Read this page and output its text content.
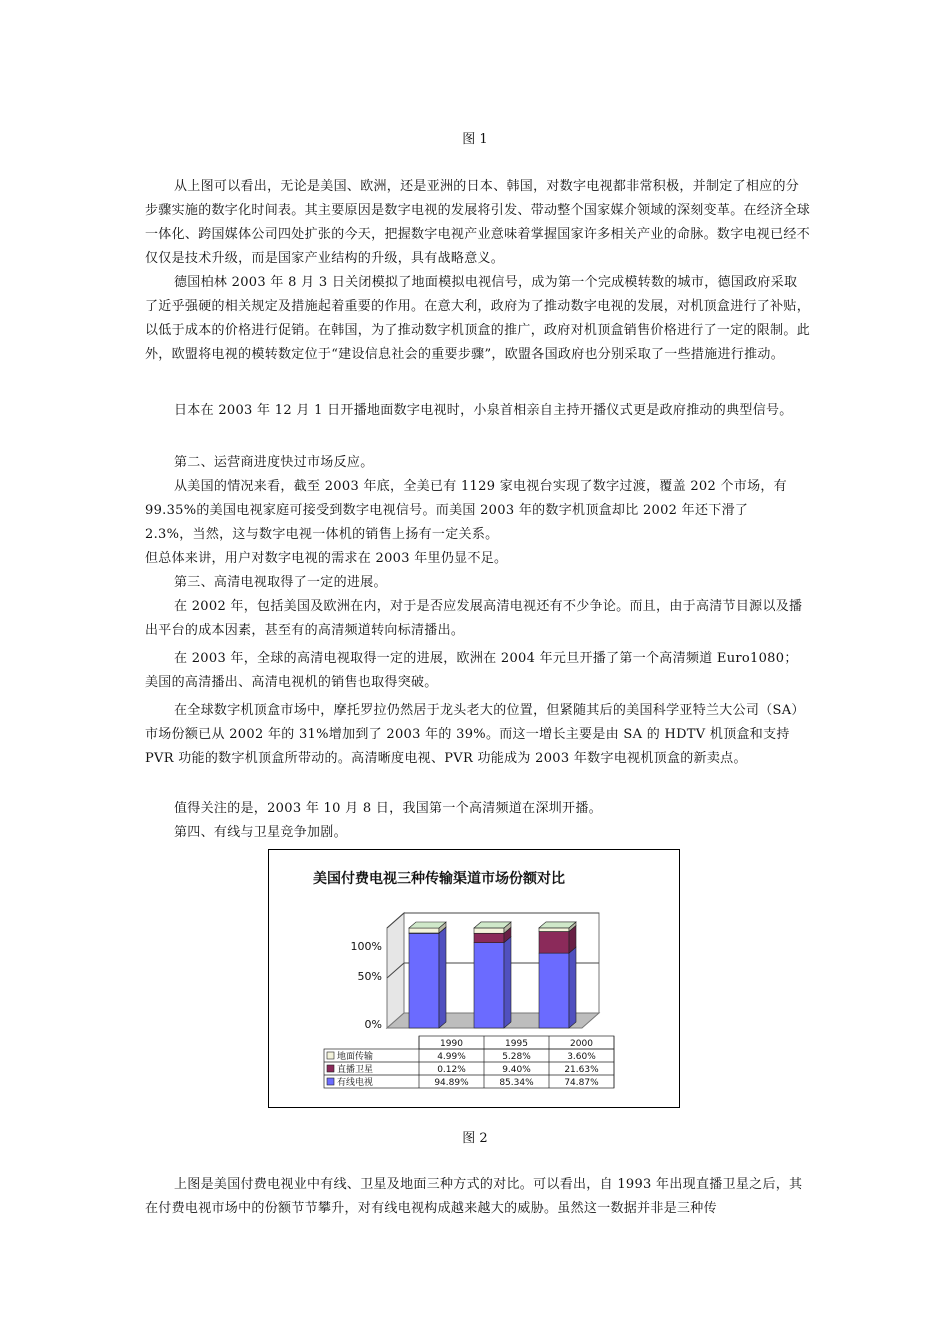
图 1

从上图可以看出，无论是美国、欧洲，还是亚洲的日本、韩国，对数字电视都非常积极，并制定了相应的分步骤实施的数字化时间表。其主要原因是数字电视的发展将引发、带动整个国家媒介领域的深刻变革。在经济全球一体化、跨国媒体公司四处扩张的今天，把握数字电视产业意味着掌握国家许多相关产业的命脉。数字电视已经不仅仅是技术升级，而是国家产业结构的升级，具有战略意义。

德国柏林 2003 年 8 月 3 日关闭模拟了地面模拟电视信号，成为第一个完成模转数的城市，德国政府采取了近乎强硬的相关规定及措施起着重要的作用。在意大利，政府为了推动数字电视的发展，对机顶盒进行了补贴，以低于成本的价格进行促销。在韩国，为了推动数字机顶盒的推广，政府对机顶盒销售价格进行了一定的限制。此外，欧盟将电视的模转数定位于“建设信息社会的重要步骤”，欧盟各国政府也分别采取了一些措施进行推动。

日本在 2003 年 12 月 1 日开播地面数字电视时，小泉首相亲自主持开播仪式更是政府推动的典型信号。

第二、运营商进度快过市场反应。

从美国的情况来看，截至 2003 年底，全美已有 1129 家电视台实现了数字过渡，覆盖 202 个市场，有

99.35%的美国电视家庭可接受到数字电视信号。而美国 2003 年的数字机顶盒却比 2002 年还下滑了
2.3%，当然，这与数字电视一体机的销售上扬有一定关系。
但总体来讲，用户对数字电视的需求在 2003 年里仍显不足。

第三、高清电视取得了一定的进展。

在 2002 年，包括美国及欧洲在内，对于是否应发展高清电视还有不少争论。而且，由于高清节目源以及播出平台的成本因素，甚至有的高清频道转向标清播出。

在 2003 年，全球的高清电视取得一定的进展，欧洲在 2004 年元旦开播了第一个高清频道 Euro1080；美国的高清播出、高清电视机的销售也取得突破。

在全球数字机顶盒市场中，摩托罗拉仍然居于龙头老大的位置，但紧随其后的美国科学亚特兰大公司（SA）市场份额已从 2002 年的 31%增加到了 2003 年的 39%。而这一增长主要是由 SA 的 HDTV 机顶盒和支持 PVR 功能的数字机顶盒所带动的。高清晰度电视、PVR 功能成为 2003 年数字电视机顶盒的新卖点。

值得关注的是，2003 年 10 月 8 日，我国第一个高清频道在深圳开播。

第四、有线与卫星竞争加剧。

美国付费电视三种传输渠道市场份额对比
100%
50%
0%
1990	1995	2000
地面传输	4.99%	5.28%	3.60%
直播卫星	0.12%	9.40%	21.63%
有线电视	94.89%	85.34%	74.87%
图 2

上图是美国付费电视业中有线、卫星及地面三种方式的对比。可以看出，自 1993 年出现直播卫星之后，其在付费电视市场中的份额节节攀升，对有线电视构成越来越大的威胁。虽然这一数据并非是三种传
